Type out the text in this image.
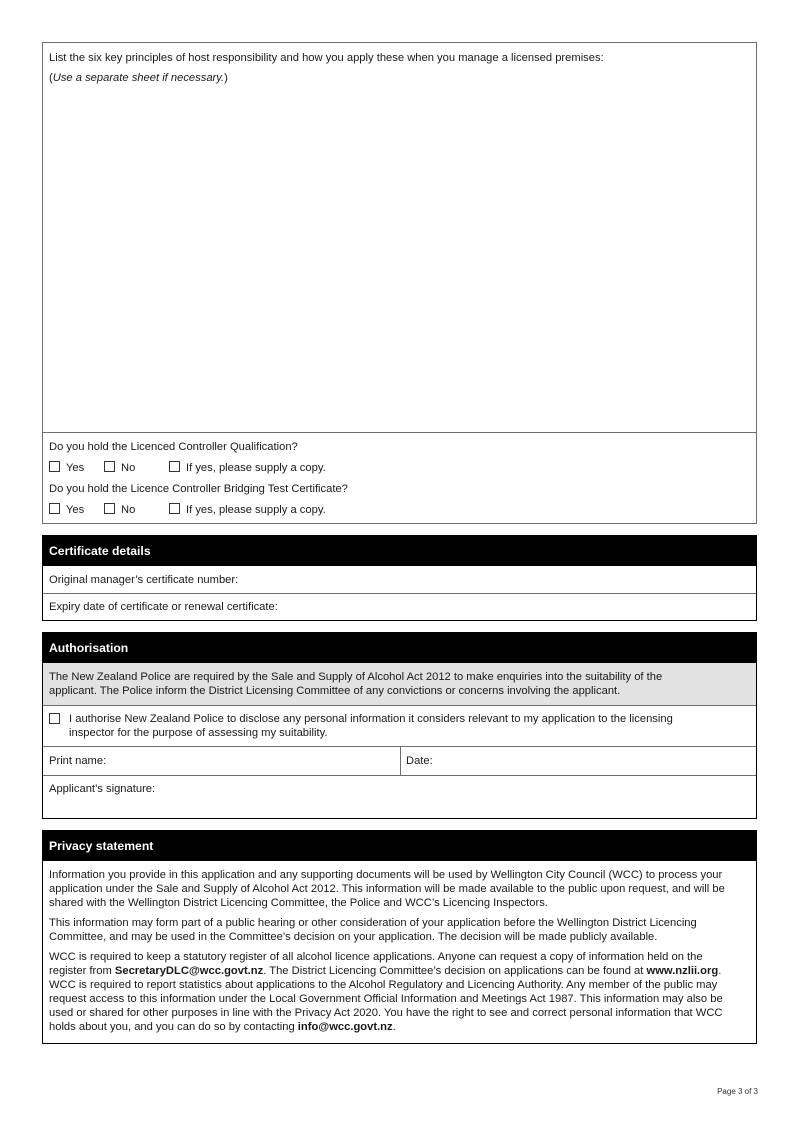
List the six key principles of host responsibility and how you apply these when you manage a licensed premises:
(Use a separate sheet if necessary.)
Do you hold the Licenced Controller Qualification?
Yes	No	If yes, please supply a copy.
Do you hold the Licence Controller Bridging Test Certificate?
Yes	No	If yes, please supply a copy.
Certificate details
Original manager’s certificate number:
Expiry date of certificate or renewal certificate:
Authorisation
The New Zealand Police are required by the Sale and Supply of Alcohol Act 2012 to make enquiries into the suitability of the
applicant. The Police inform the District Licensing Committee of any convictions or concerns involving the applicant.
I authorise New Zealand Police to disclose any personal information it considers relevant to my application to the licensing
inspector for the purpose of assessing my suitability.
Print name:	Date:
Applicant’s signature:
Privacy statement

Information you provide in this application and any supporting documents will be used by Wellington City Council (WCC) to process your application under the Sale and Supply of Alcohol Act 2012. This information will be made available to the public upon request, and will be shared with the Wellington District Licencing Committee, the Police and WCC’s Licencing Inspectors.

This information may form part of a public hearing or other consideration of your application before the Wellington District Licencing Committee, and may be used in the Committee’s decision on your application. The decision will be made publicly available.

WCC is required to keep a statutory register of all alcohol licence applications. Anyone can request a copy of information held on the register from SecretaryDLC@wcc.govt.nz. The District Licencing Committee’s decision on applications can be found at www.nzlii.org. WCC is required to report statistics about applications to the Alcohol Regulatory and Licencing Authority. Any member of the public may request access to this information under the Local Government Official Information and Meetings Act 1987. This information may also be used or shared for other purposes in line with the Privacy Act 2020. You have the right to see and correct personal information that WCC holds about you, and you can do so by contacting info@wcc.govt.nz.

Page 3 of 3
